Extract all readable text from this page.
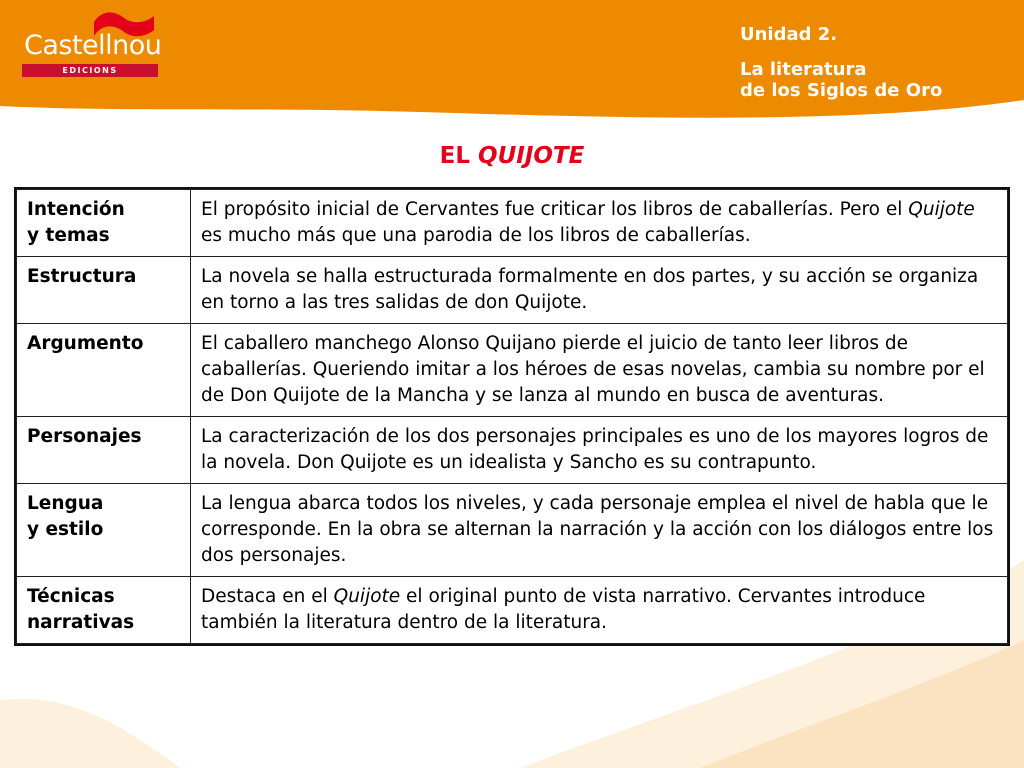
Castellnou
EDICIONS
Unidad 2.
La literatura
de los Siglos de Oro
EL QUIJOTE
Intención
y temas	El propósito inicial de Cervantes fue criticar los libros de caballerías. Pero el Quijote es mucho más que una parodia de los libros de caballerías.

Estructura	La novela se halla estructurada formalmente en dos partes, y su acción se organiza en torno a las tres salidas de don Quijote.

Argumento	El caballero manchego Alonso Quijano pierde el juicio de tanto leer libros de caballerías. Queriendo imitar a los héroes de esas novelas, cambia su nombre por el de Don Quijote de la Mancha y se lanza al mundo en busca de aventuras.

Personajes	La caracterización de los dos personajes principales es uno de los mayores logros de la novela. Don Quijote es un idealista y Sancho es su contrapunto.

Lengua
y estilo	La lengua abarca todos los niveles, y cada personaje emplea el nivel de habla que le corresponde. En la obra se alternan la narración y la acción con los diálogos entre los dos personajes.

Técnicas
narrativas	Destaca en el Quijote el original punto de vista narrativo. Cervantes introduce también la literatura dentro de la literatura.
